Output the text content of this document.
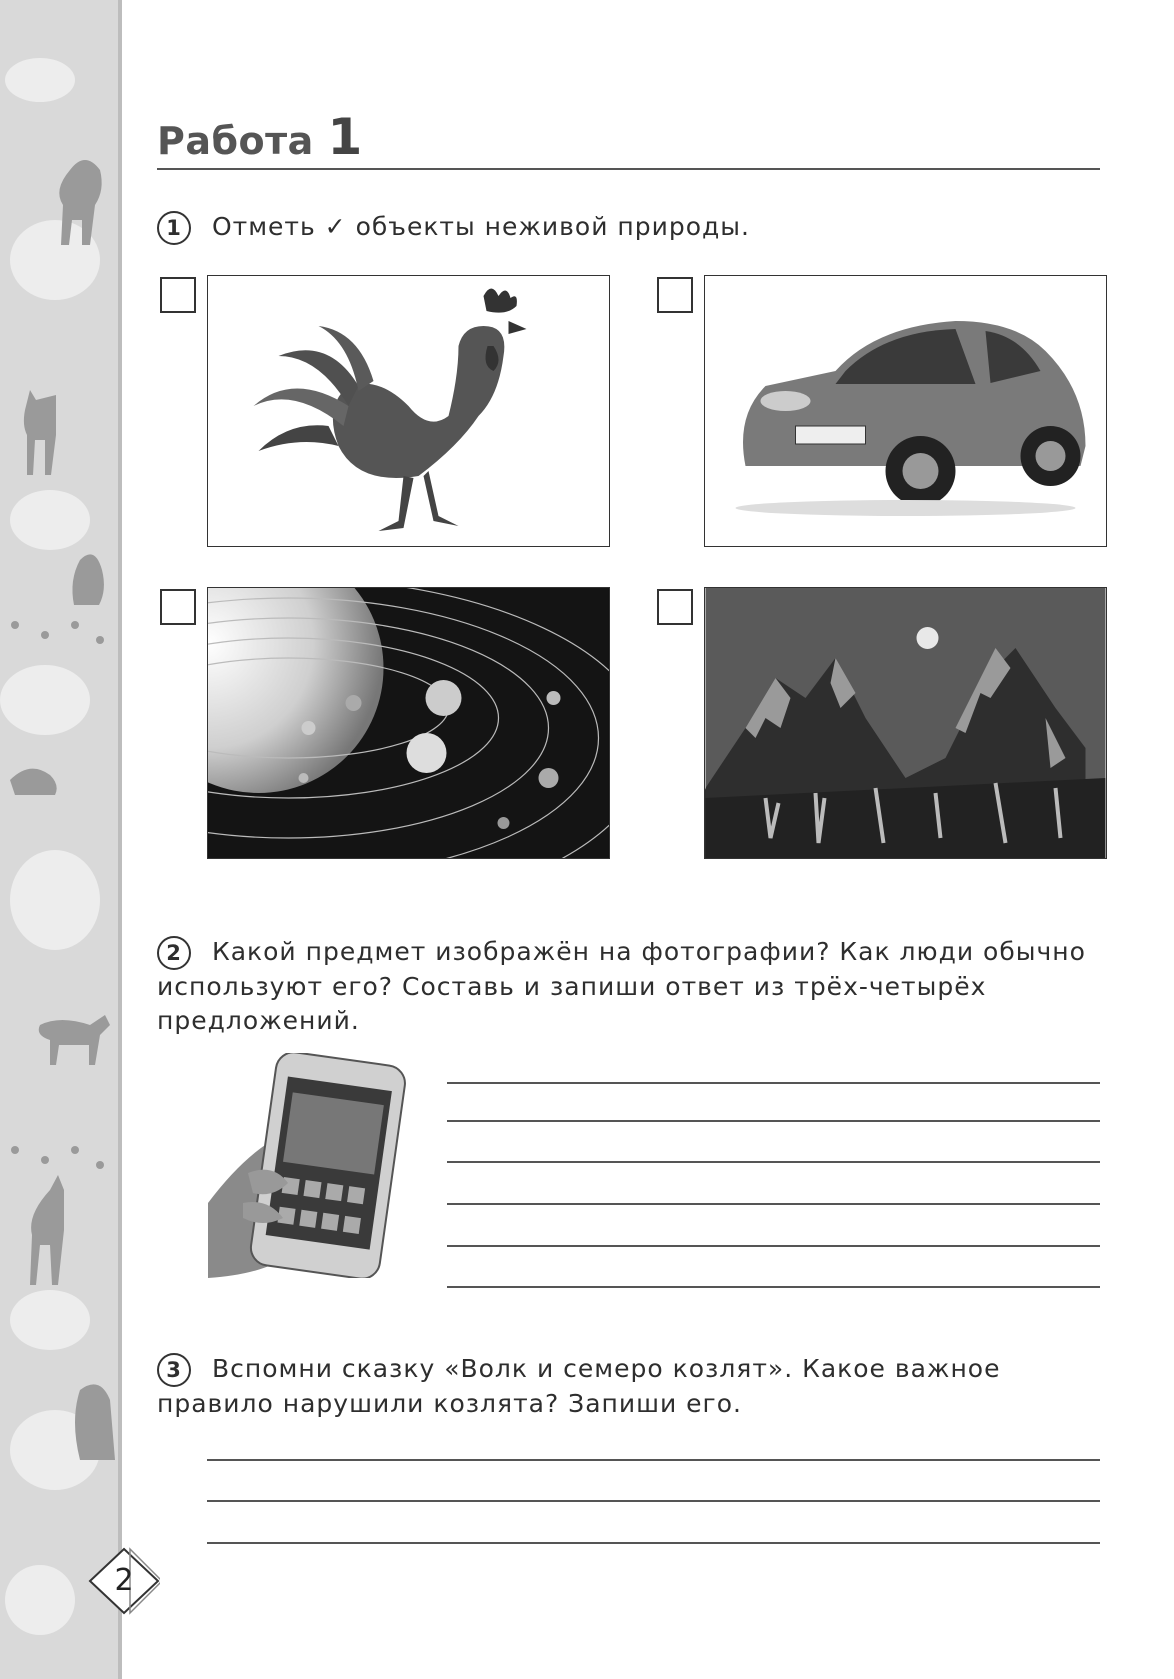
Работа 1
1 Отметь ✓ объекты неживой природы.
2 Какой предмет изображён на фотографии? Как люди обычно используют его? Составь и запиши ответ из трёх-четырёх предложений.
3 Вспомни сказку «Волк и семеро козлят». Какое важное правило нарушили козлята? Запиши его.
2
